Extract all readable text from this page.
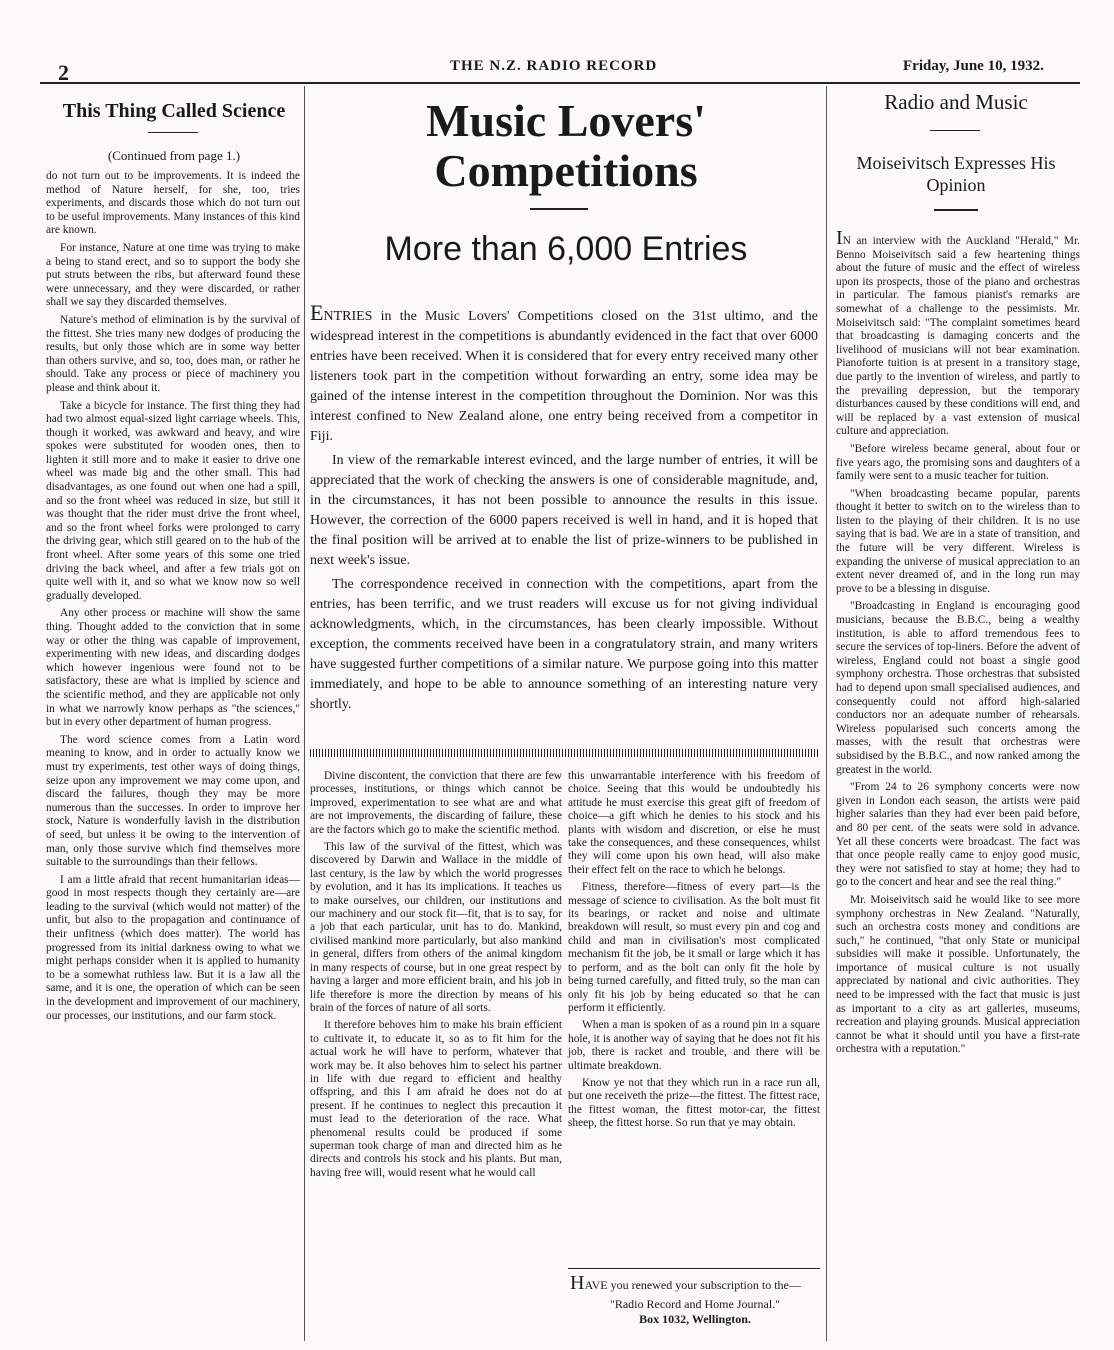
2	THE N.Z. RADIO RECORD	Friday, June 10, 1932.
This Thing Called Science
(Continued from page 1.)

do not turn out to be improvements. It is indeed the method of Nature herself, for she, too, tries experiments, and discards those which do not turn out to be useful improvements. Many instances of this kind are known.

For instance, Nature at one time was trying to make a being to stand erect, and so to support the body she put struts between the ribs, but afterward found these were unnecessary, and they were discarded, or rather shall we say they discarded themselves.

Nature's method of elimination is by the survival of the fittest. She tries many new dodges of producing the results, but only those which are in some way better than others survive, and so, too, does man, or rather he should. Take any process or piece of machinery you please and think about it.

Take a bicycle for instance. The first thing they had had two almost equal-sized light carriage wheels. This, though it worked, was awkward and heavy, and wire spokes were substituted for wooden ones, then to lighten it still more and to make it easier to drive one wheel was made big and the other small. This had disadvantages, as one found out when one had a spill, and so the front wheel was reduced in size, but still it was thought that the rider must drive the front wheel, and so the front wheel forks were prolonged to carry the driving gear, which still geared on to the hub of the front wheel. After some years of this some one tried driving the back wheel, and after a few trials got on quite well with it, and so what we know now so well gradually developed.

Any other process or machine will show the same thing. Thought added to the conviction that in some way or other the thing was capable of improvement, experimenting with new ideas, and discarding dodges which however ingenious were found not to be satisfactory, these are what is implied by science and the scientific method, and they are applicable not only in what we narrowly know perhaps as "the sciences," but in every other department of human progress.

The word science comes from a Latin word meaning to know, and in order to actually know we must try experiments, test other ways of doing things, seize upon any improvement we may come upon, and discard the failures, though they may be more numerous than the successes. In order to improve her stock, Nature is wonderfully lavish in the distribution of seed, but unless it be owing to the intervention of man, only those survive which find themselves more suitable to the surroundings than their fellows.

I am a little afraid that recent humanitarian ideas—good in most respects though they certainly are—are leading to the survival (which would not matter) of the unfit, but also to the propagation and continuance of their unfitness (which does matter). The world has progressed from its initial darkness owing to what we might perhaps consider when it is applied to humanity to be a somewhat ruthless law. But it is a law all the same, and it is one, the operation of which can be seen in the development and improvement of our machinery, our processes, our institutions, and our farm stock.

Music Lovers' Competitions
More than 6,000 Entries

ENTRIES in the Music Lovers' Competitions closed on the 31st ultimo, and the widespread interest in the competitions is abundantly evidenced in the fact that over 6000 entries have been received. When it is considered that for every entry received many other listeners took part in the competition without forwarding an entry, some idea may be gained of the intense interest in the competition throughout the Dominion. Nor was this interest confined to New Zealand alone, one entry being received from a competitor in Fiji.

In view of the remarkable interest evinced, and the large number of entries, it will be appreciated that the work of checking the answers is one of considerable magnitude, and, in the circumstances, it has not been possible to announce the results in this issue. However, the correction of the 6000 papers received is well in hand, and it is hoped that the final position will be arrived at to enable the list of prize-winners to be published in next week's issue.

The correspondence received in connection with the competitions, apart from the entries, has been terrific, and we trust readers will excuse us for not giving individual acknowledgments, which, in the circumstances, has been clearly impossible. Without exception, the comments received have been in a congratulatory strain, and many writers have suggested further competitions of a similar nature. We purpose going into this matter immediately, and hope to be able to announce something of an interesting nature very shortly.

Divine discontent, the conviction that there are few processes, institutions, or things which cannot be improved, experimentation to see what are and what are not improvements, the discarding of failure, these are the factors which go to make the scientific method.

This law of the survival of the fittest, which was discovered by Darwin and Wallace in the middle of last century, is the law by which the world progresses by evolution, and it has its implications. It teaches us to make ourselves, our children, our institutions and our machinery and our stock fit—fit, that is to say, for a job that each particular, unit has to do. Mankind, civilised mankind more particularly, but also mankind in general, differs from others of the animal kingdom in many respects of course, but in one great respect by having a larger and more efficient brain, and his job in life therefore is more the direction by means of his brain of the forces of nature of all sorts.

It therefore behoves him to make his brain efficient to cultivate it, to educate it, so as to fit him for the actual work he will have to perform, whatever that work may be. It also behoves him to select his partner in life with due regard to efficient and healthy offspring, and this I am afraid he does not do at present. If he continues to neglect this precaution it must lead to the deterioration of the race. What phenomenal results could be produced if some superman took charge of man and directed him as he directs and controls his stock and his plants. But man, having free will, would resent what he would call

this unwarrantable interference with his freedom of choice. Seeing that this would be undoubtedly his attitude he must exercise this great gift of freedom of choice—a gift which he denies to his stock and his plants with wisdom and discretion, or else he must take the consequences, and these consequences, whilst they will come upon his own head, will also make their effect felt on the race to which he belongs.

Fitness, therefore—fitness of every part—is the message of science to civilisation. As the bolt must fit its bearings, or racket and noise and ultimate breakdown will result, so must every pin and cog and child and man in civilisation's most complicated mechanism fit the job, be it small or large which it has to perform, and as the bolt can only fit the hole by being turned carefully, and fitted truly, so the man can only fit his job by being educated so that he can perform it efficiently.

When a man is spoken of as a round pin in a square hole, it is another way of saying that he does not fit his job, there is racket and trouble, and there will be ultimate breakdown.

Know ye not that they which run in a race run all, but one receiveth the prize—the fittest. The fittest race, the fittest woman, the fittest motor-car, the fittest sheep, the fittest horse. So run that ye may obtain.

HAVE you renewed your subscription to the—
"Radio Record and Home Journal."
Box 1032, Wellington.
Radio and Music
Moiseivitsch Expresses His Opinion

IN an interview with the Auckland "Herald," Mr. Benno Moiseivitsch said a few heartening things about the future of music and the effect of wireless upon its prospects, those of the piano and orchestras in particular. The famous pianist's remarks are somewhat of a challenge to the pessimists. Mr. Moiseivitsch said: "The complaint sometimes heard that broadcasting is damaging concerts and the livelihood of musicians will not bear examination. Pianoforte tuition is at present in a transitory stage, due partly to the invention of wireless, and partly to the prevailing depression, but the temporary disturbances caused by these conditions will end, and will be replaced by a vast extension of musical culture and appreciation.

"Before wireless became general, about four or five years ago, the promising sons and daughters of a family were sent to a music teacher for tuition.

"When broadcasting became popular, parents thought it better to switch on to the wireless than to listen to the playing of their children. It is no use saying that is bad. We are in a state of transition, and the future will be very different. Wireless is expanding the universe of musical appreciation to an extent never dreamed of, and in the long run may prove to be a blessing in disguise.

"Broadcasting in England is encouraging good musicians, because the B.B.C., being a wealthy institution, is able to afford tremendous fees to secure the services of top-liners. Before the advent of wireless, England could not boast a single good symphony orchestra. Those orchestras that subsisted had to depend upon small specialised audiences, and consequently could not afford high-salaried conductors nor an adequate number of rehearsals. Wireless popularised such concerts among the masses, with the result that orchestras were subsidised by the B.B.C., and now ranked among the greatest in the world.

"From 24 to 26 symphony concerts were now given in London each season, the artists were paid higher salaries than they had ever been paid before, and 80 per cent. of the seats were sold in advance. Yet all these concerts were broadcast. The fact was that once people really came to enjoy good music, they were not satisfied to stay at home; they had to go to the concert and hear and see the real thing."

Mr. Moiseivitsch said he would like to see more symphony orchestras in New Zealand. "Naturally, such an orchestra costs money and conditions are such," he continued, "that only State or municipal subsidies will make it possible. Unfortunately, the importance of musical culture is not usually appreciated by national and civic authorities. They need to be impressed with the fact that music is just as important to a city as art galleries, museums, recreation and playing grounds. Musical appreciation cannot be what it should until you have a first-rate orchestra with a reputation."
